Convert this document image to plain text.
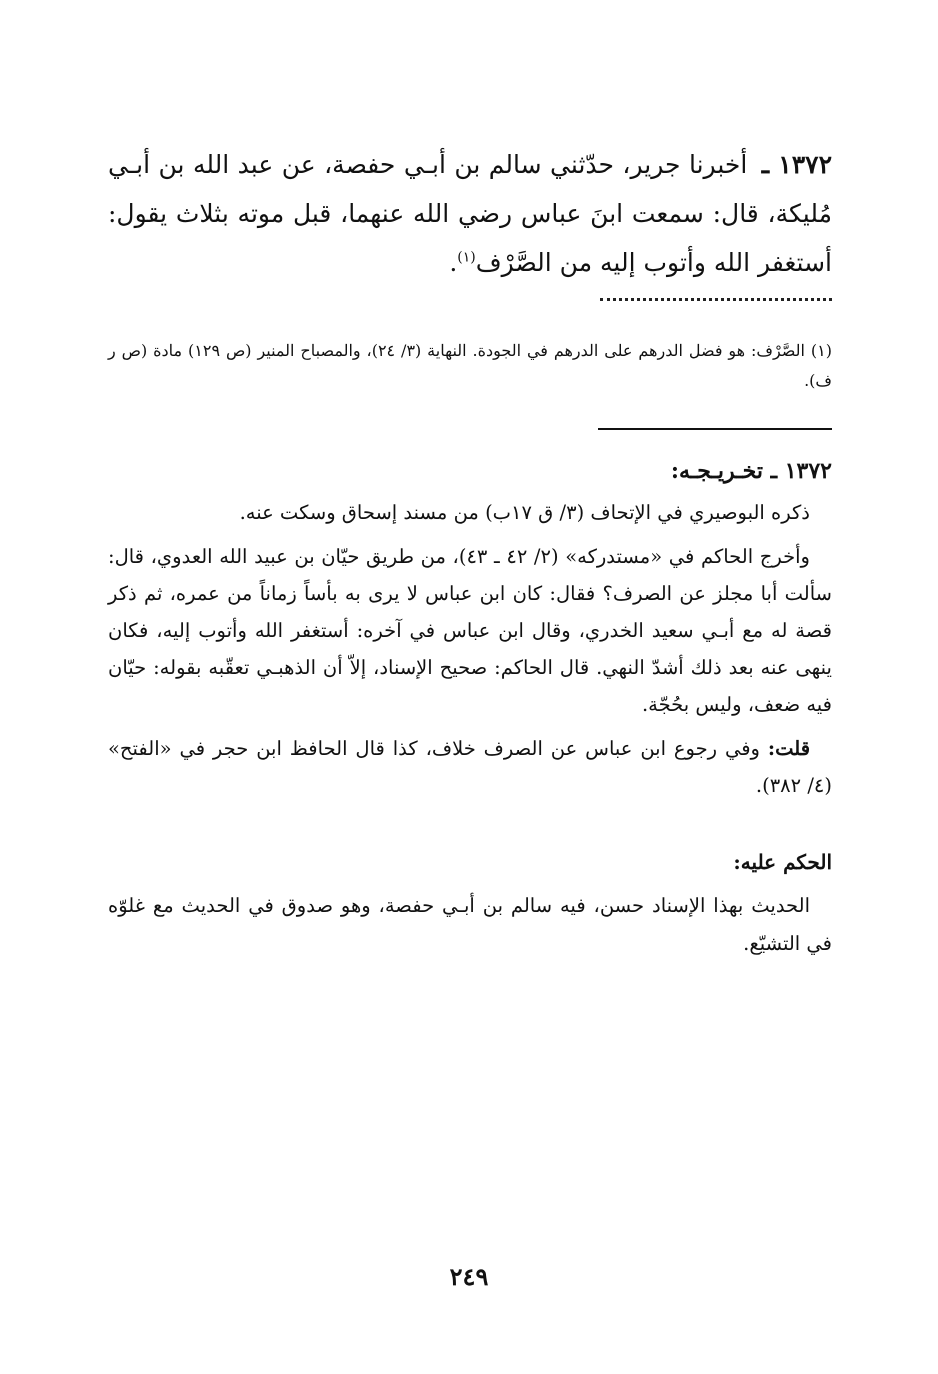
١٣٧٢ ـ أخبرنا جرير، حدّثني سالم بن أبـي حفصة، عن عبد الله بن أبـي مُليكة، قال: سمعت ابنَ عباس رضي الله عنهما، قبل موته بثلاث يقول: أستغفر الله وأتوب إليه من الصَّرْف$^{(١)}$.
(١) الصَّرْف: هو فضل الدرهم على الدرهم في الجودة. النهاية (٣/ ٢٤)، والمصباح المنير (ص ١٢٩) مادة (ص ر ف).
١٣٧٢ ـ تخـريـجـه:

ذكره البوصيري في الإتحاف (٣/ ق ١٧ب) من مسند إسحاق وسكت عنه.

وأخرج الحاكم في «مستدركه» (٢/ ٤٢ ـ ٤٣)، من طريق حيّان بن عبيد الله العدوي، قال: سألت أبا مجلز عن الصرف؟ فقال: كان ابن عباس لا يرى به بأساً زماناً من عمره، ثم ذكر قصة له مع أبـي سعيد الخدري، وقال ابن عباس في آخره: أستغفر الله وأتوب إليه، فكان ينهى عنه بعد ذلك أشدّ النهي. قال الحاكم: صحيح الإسناد، إلاّ أن الذهبـي تعقّبه بقوله: حيّان فيه ضعف، وليس بحُجّة.

قلت: وفي رجوع ابن عباس عن الصرف خلاف، كذا قال الحافظ ابن حجر في «الفتح» (٤/ ٣٨٢).

الحكم عليه:

الحديث بهذا الإسناد حسن، فيه سالم بن أبـي حفصة، وهو صدوق في الحديث مع غلوّه في التشيّع.

٢٤٩
